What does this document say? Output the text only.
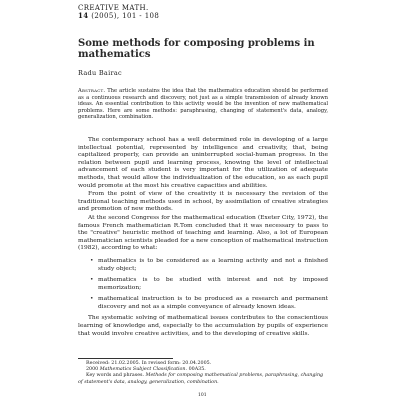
CREATIVE MATH.
14 (2005), 101 - 108
Some methods for composing problems in mathematics
Radu Bairac
Abstract. The article sustains the idea that the mathematics education should be performed as a continuous research and discovery, not just as a simple transmission of already known ideas. An essential contribution to this activity would be the invention of new mathematical problems. Here are some methods: paraphrasing, changing of statement's data, analogy, generalization, combination.

The contemporary school has a well determined role in developing of a large intellectual potential, represented by intelligence and creativity, that, being capitalized properly, can provide an uninterrupted social-human progress. In the relation between pupil and learning process, knowing the level of intellectual advancement of each student is very important for the utilization of adequate methods, that would allow the individualization of the education, so as each pupil would promote at the most his creative capacities and abilities.

From the point of view of the creativity it is necessary the revision of the traditional teaching methods used in school, by assimilation of creative strategies and promotion of new methods.

At the second Congress for the mathematical education (Exeter City, 1972), the famous French mathematician R.Tom concluded that it was necessary to pass to the "creative" heuristic method of teaching and learning. Also, a lot of European mathematician scientists pleaded for a new conception of mathematical instruction (1982), according to what:

• mathematics is to be considered as a learning activity and not a finished study object;
• mathematics is to be studied with interest and not by imposed memorization;
• mathematical instruction is to be produced as a research and permanent discovery and not as a simple conveyance of already known ideas.

The systematic solving of mathematical issues contributes to the conscientious learning of knowledge and, especially to the accumulation by pupils of experience that would involve creative activities, and to the developing of creative skills.

Received: 21.02.2005. In revised form: 20.04.2005.

2000 Mathematics Subject Classification. 00A35.

Key words and phrases. Methods for composing mathematical problems, paraphrasing, changing of statement's data, analogy, generalization, combination.

101
